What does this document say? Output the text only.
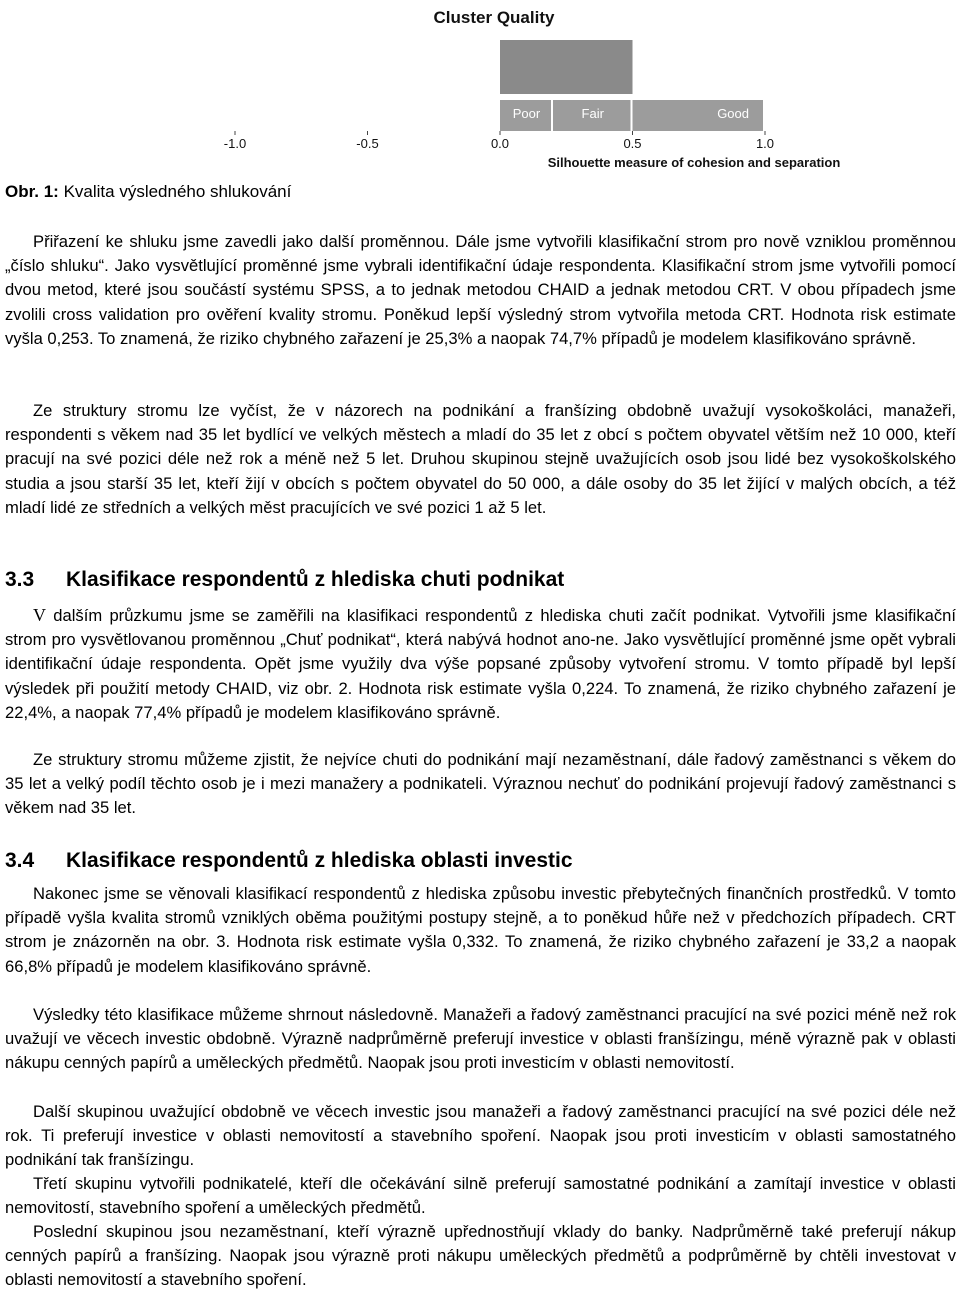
Cluster Quality
Poor	Fair	Good
-1.0	-0.5	0.0	0.5	1.0
Silhouette measure of cohesion and separation
Obr. 1: Kvalita výsledného shlukování

Přiřazení ke shluku jsme zavedli jako další proměnnou. Dále jsme vytvořili klasifikační strom pro nově vzniklou proměnnou „číslo shluku“. Jako vysvětlující proměnné jsme vybrali identifikační údaje respondenta. Klasifikační strom jsme vytvořili pomocí dvou metod, které jsou součástí systému SPSS, a to jednak metodou CHAID a jednak metodou CRT. V obou případech jsme zvolili cross validation pro ověření kvality stromu. Poněkud lepší výsledný strom vytvořila metoda CRT. Hodnota risk estimate vyšla 0,253. To znamená, že riziko chybného zařazení je 25,3% a naopak 74,7% případů je modelem klasifikováno správně.

Ze struktury stromu lze vyčíst, že v názorech na podnikání a franšízing obdobně uvažují vysokoškoláci, manažeři, respondenti s věkem nad 35 let bydlící ve velkých městech a mladí do 35 let z obcí s počtem obyvatel větším než 10 000, kteří pracují na své pozici déle než rok a méně než 5 let. Druhou skupinou stejně uvažujících osob jsou lidé bez vysokoškolského studia a jsou starší 35 let, kteří žijí v obcích s počtem obyvatel do 50 000, a dále osoby do 35 let žijící v malých obcích, a též mladí lidé ze středních a velkých měst pracujících ve své pozici 1 až 5 let.

3.3 Klasifikace respondentů z hlediska chuti podnikat

V dalším průzkumu jsme se zaměřili na klasifikaci respondentů z hlediska chuti začít podnikat. Vytvořili jsme klasifikační strom pro vysvětlovanou proměnnou „Chuť podnikat“, která nabývá hodnot ano-ne. Jako vysvětlující proměnné jsme opět vybrali identifikační údaje respondenta. Opět jsme využily dva výše popsané způsoby vytvoření stromu. V tomto případě byl lepší výsledek při použití metody CHAID, viz obr. 2. Hodnota risk estimate vyšla 0,224. To znamená, že riziko chybného zařazení je 22,4%, a naopak 77,4% případů je modelem klasifikováno správně.

Ze struktury stromu můžeme zjistit, že nejvíce chuti do podnikání mají nezaměstnaní, dále řadový zaměstnanci s věkem do 35 let a velký podíl těchto osob je i mezi manažery a podnikateli. Výraznou nechuť do podnikání projevují řadový zaměstnanci s věkem nad 35 let.

3.4 Klasifikace respondentů z hlediska oblasti investic

Nakonec jsme se věnovali klasifikací respondentů z hlediska způsobu investic přebytečných finančních prostředků. V tomto případě vyšla kvalita stromů vzniklých oběma použitými postupy stejně, a to poněkud hůře než v předchozích případech. CRT strom je znázorněn na obr. 3. Hodnota risk estimate vyšla 0,332. To znamená, že riziko chybného zařazení je 33,2 a naopak 66,8% případů je modelem klasifikováno správně.

Výsledky této klasifikace můžeme shrnout následovně. Manažeři a řadový zaměstnanci pracující na své pozici méně než rok uvažují ve věcech investic obdobně. Výrazně nadprůměrně preferují investice v oblasti franšízingu, méně výrazně pak v oblasti nákupu cenných papírů a uměleckých předmětů. Naopak jsou proti investicím v oblasti nemovitostí.

Další skupinou uvažující obdobně ve věcech investic jsou manažeři a řadový zaměstnanci pracující na své pozici déle než rok. Ti preferují investice v oblasti nemovitostí a stavebního spoření. Naopak jsou proti investicím v oblasti samostatného podnikání tak franšízingu.

Třetí skupinu vytvořili podnikatelé, kteří dle očekávání silně preferují samostatné podnikání a zamítají investice v oblasti nemovitostí, stavebního spoření a uměleckých předmětů.

Poslední skupinou jsou nezaměstnaní, kteří výrazně upřednostňují vklady do banky. Nadprůměrně také preferují nákup cenných papírů a franšízing. Naopak jsou výrazně proti nákupu uměleckých předmětů a podprůměrně by chtěli investovat v oblasti nemovitostí a stavebního spoření.
